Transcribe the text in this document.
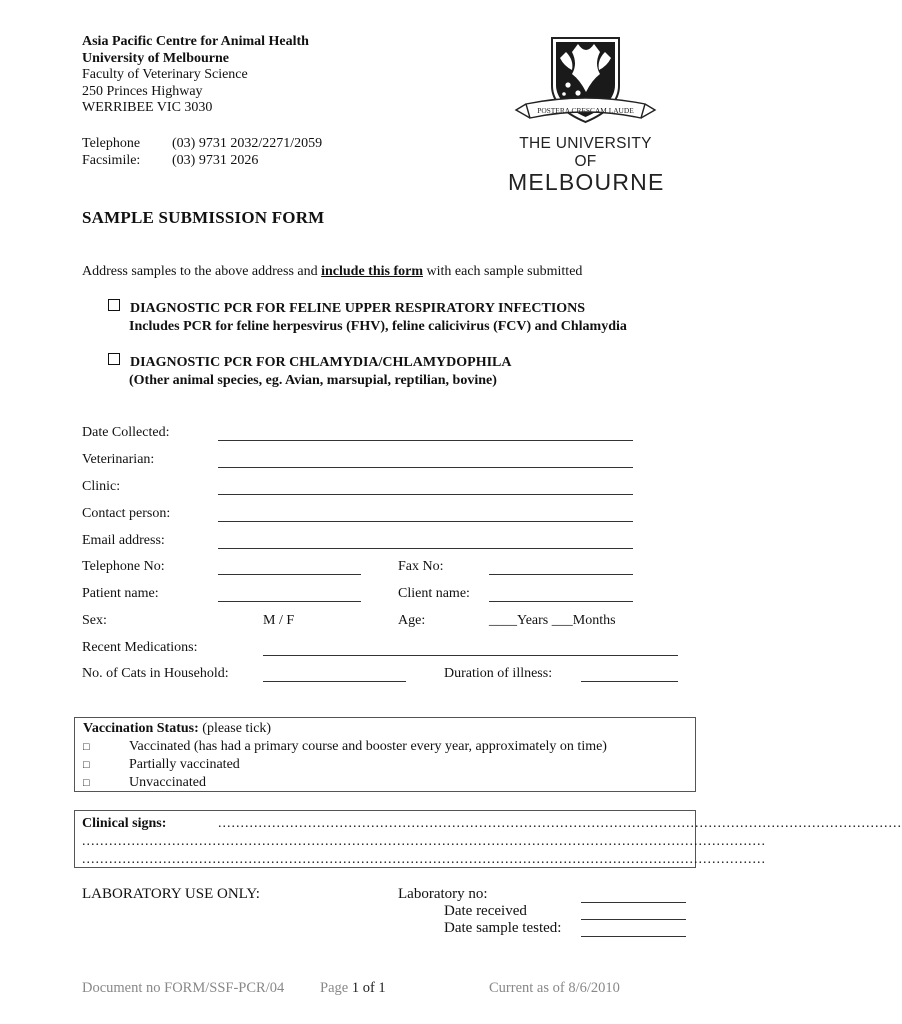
Asia Pacific Centre for Animal Health
University of Melbourne
Faculty of Veterinary Science
250 Princes Highway
WERRIBEE VIC 3030
Telephone	(03) 9731 2032/2271/2059
Facsimile:	(03) 9731 2026
POSTERA CRESCAM LAUDE
THE UNIVERSITY OF
MELBOURNE
SAMPLE SUBMISSION FORM
Address samples to the above address and include this form with each sample submitted
DIAGNOSTIC PCR FOR FELINE UPPER RESPIRATORY INFECTIONS
Includes PCR for feline herpesvirus (FHV), feline calicivirus (FCV) and Chlamydia
DIAGNOSTIC PCR FOR CHLAMYDIA/CHLAMYDOPHILA
(Other animal species, eg. Avian, marsupial, reptilian, bovine)
Date Collected:
Veterinarian:
Clinic:
Contact person:
Email address:
Telephone No:	Fax No:
Patient name:	Client name:
Sex:	M / F	Age:	____Years ___Months
Recent Medications:
No. of Cats in Household:	Duration of illness:
Vaccination Status: (please tick)
□	Vaccinated (has had a primary course and booster every year, approximately on time)
□	Partially vaccinated
□	Unvaccinated
Clinical signs:	........................................................................................................................................................
........................................................................................................................................................
........................................................................................................................................................
LABORATORY USE ONLY:	Laboratory no:
Date received
Date sample tested:
Document no FORM/SSF-PCR/04 Page 1 of 1	Current as of 8/6/2010
